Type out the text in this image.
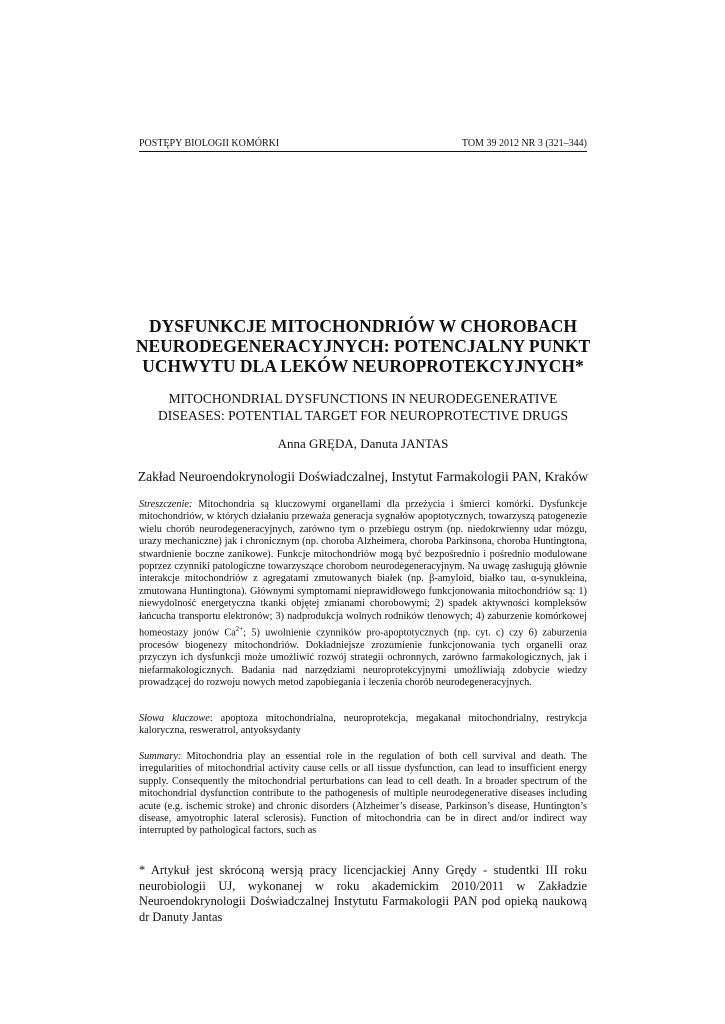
POSTĘPY BIOLOGII KOMÓRKI	TOM 39 2012 NR 3 (321–344)
DYSFUNKCJE MITOCHONDRIÓW W CHOROBACH
NEURODEGENERACYJNYCH: POTENCJALNY PUNKT
UCHWYTU DLA LEKÓW NEUROPROTEKCYJNYCH*
MITOCHONDRIAL DYSFUNCTIONS IN NEURODEGENERATIVE
DISEASES: POTENTIAL TARGET FOR NEUROPROTECTIVE DRUGS
Anna GRĘDA, Danuta JANTAS
Zakład Neuroendokrynologii Doświadczalnej, Instytut Farmakologii PAN, Kraków

Streszczenie: Mitochondria są kluczowymi organellami dla przeżycia i śmierci komórki. Dysfunkcje mitochondriów, w których działaniu przeważa generacja sygnałów apoptotycznych, towarzyszą patogenezie wielu chorób neurodegeneracyjnych, zarówno tym o przebiegu ostrym (np. niedokrwienny udar mózgu, urazy mechaniczne) jak i chronicznym (np. choroba Alzheimera, choroba Parkinsona, choroba Huntingtona, stwardnienie boczne zanikowe). Funkcje mitochondriów mogą być bezpośrednio i pośrednio modulowane poprzez czynniki patologiczne towarzyszące chorobom neurodegeneracyjnym. Na uwagę zasługują głównie interakcje mitochondriów z agregatami zmutowanych białek (np. β-amyloid, białko tau, α-synukleina, zmutowana Huntingtona). Głównymi symptomami nieprawidłowego funkcjonowania mitochondriów są: 1) niewydolność energetyczna tkanki objętej zmianami chorobowymi; 2) spadek aktywności kompleksów łańcucha transportu elektronów; 3) nadprodukcja wolnych rodników tlenowych; 4) zaburzenie komórkowej homeostazy jonów $Ca^{2+}$; 5) uwolnienie czynników pro-apoptotycznych (np. cyt. c) czy 6) zaburzenia procesów biogenezy mitochondriów. Dokładniejsze zrozumienie funkcjonowania tych organelli oraz przyczyn ich dysfunkcji może umożliwić rozwój strategii ochronnych, zarówno farmakologicznych, jak i niefarmakologicznych. Badania nad narzędziami neuroprotekcyjnymi umożliwiają zdobycie wiedzy prowadzącej do rozwoju nowych metod zapobiegania i leczenia chorób neurodegeneracyjnych.

Słowa kluczowe: apoptoza mitochondrialna, neuroprotekcja, megakanał mitochondrialny, restrykcja kaloryczna, resweratrol, antyoksydanty

Summary: Mitochondria play an essential role in the regulation of both cell survival and death. The irregularities of mitochondrial activity cause cells or all tissue dysfunction, can lead to insufficient energy supply. Consequently the mitochondrial perturbations can lead to cell death. In a broader spectrum of the mitochondrial dysfunction contribute to the pathogenesis of multiple neurodegenerative diseases including acute (e.g. ischemic stroke) and chronic disorders (Alzheimer’s disease, Parkinson’s disease, Huntington’s disease, amyotrophic lateral sclerosis). Function of mitochondria can be in direct and/or indirect way interrupted by pathological factors, such as

* Artykuł jest skróconą wersją pracy licencjackiej Anny Grędy - studentki III roku neurobiologii UJ, wykonanej w roku akademickim 2010/2011 w Zakładzie Neuroendokrynologii Doświadczalnej Instytutu Farmakologii PAN pod opieką naukową dr Danuty Jantas
